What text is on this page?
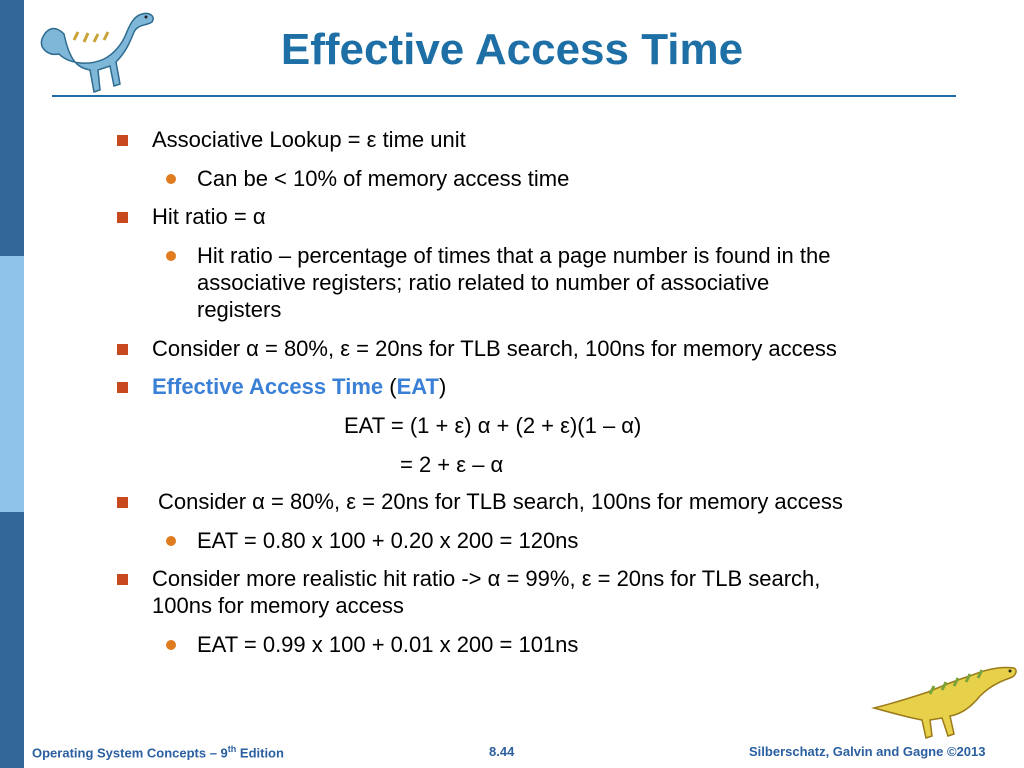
Effective Access Time
Associative Lookup = ε time unit
Can be < 10% of memory access time
Hit ratio = α
Hit ratio – percentage of times that a page number is found in the
associative registers; ratio related to number of associative
registers
Consider α = 80%, ε = 20ns for TLB search, 100ns for memory access
Effective Access Time (EAT)
EAT = (1 + ε) α + (2 + ε)(1 – α)
= 2 + ε – α
Consider α = 80%, ε = 20ns for TLB search, 100ns for memory access
EAT = 0.80 x 100 + 0.20 x 200 = 120ns
Consider more realistic hit ratio -> α = 99%, ε = 20ns for TLB search,
100ns for memory access
EAT = 0.99 x 100 + 0.01 x 200 = 101ns
Operating System Concepts – 9th Edition	8.44	Silberschatz, Galvin and Gagne ©2013
